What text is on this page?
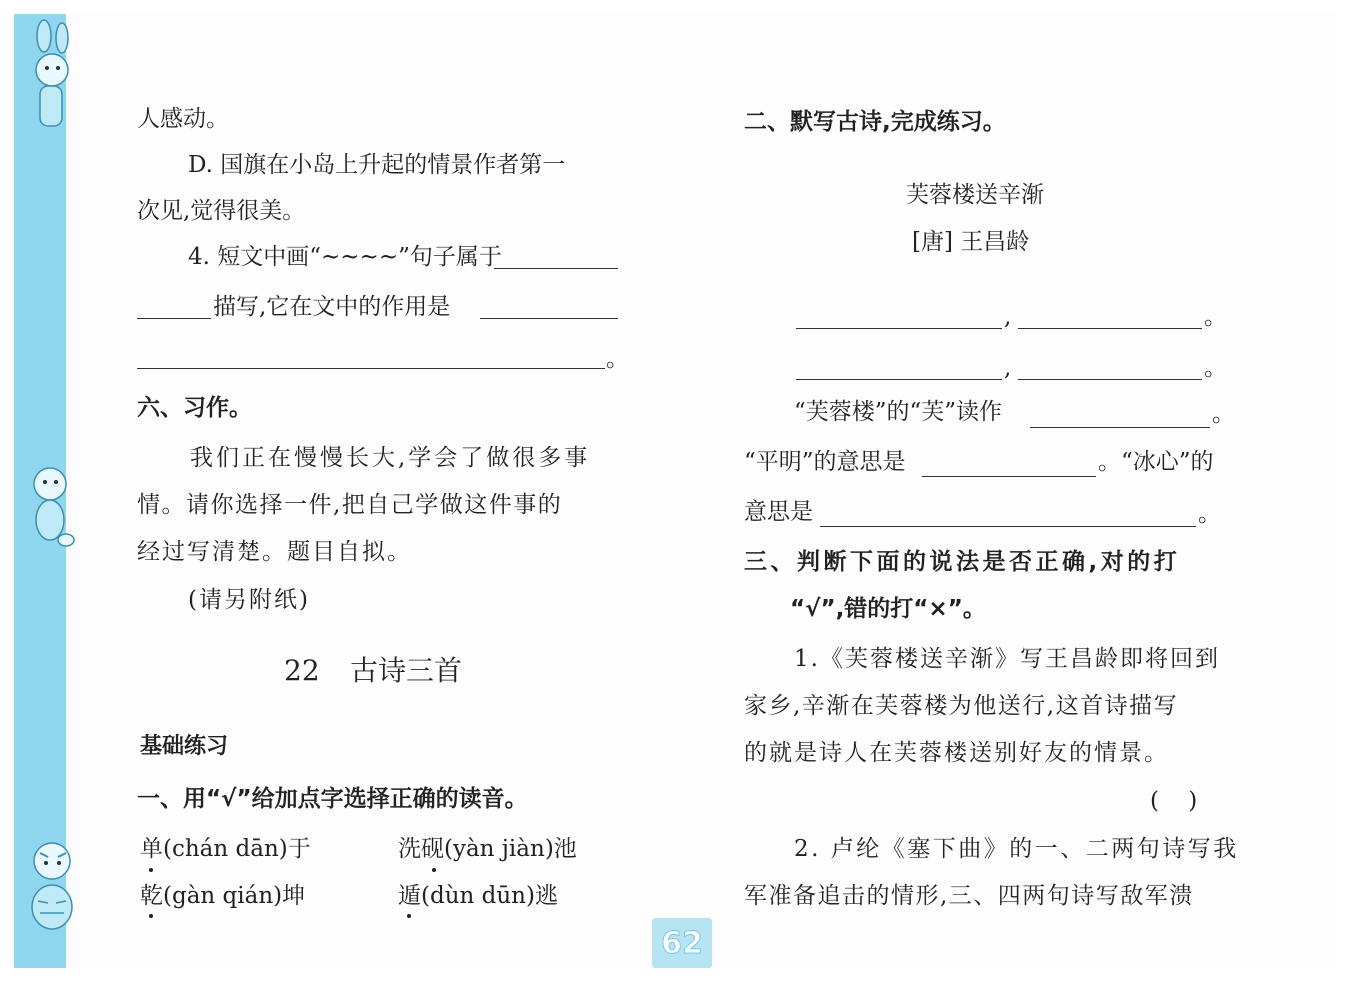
人感动。
D. 国旗在小岛上升起的情景作者第一
次见,觉得很美。
4. 短文中画“~~~~”句子属于
描写,它在文中的作用是
。
六、习作。
我们正在慢慢长大,学会了做很多事
情。请你选择一件,把自己学做这件事的
经过写清楚。题目自拟。
(请另附纸)
22 古诗三首
基础练习
一、用“√”给加点字选择正确的读音。
单(chán dān)于	洗砚(yàn jiàn)池
乾(gàn qián)坤	遁(dùn dūn)逃
二、默写古诗,完成练习。
芙蓉楼送辛渐
[唐] 王昌龄
,	。
,	。
“芙蓉楼”的“芙”读作	。
“平明”的意思是	。“冰心”的
意思是	。
三、判断下面的说法是否正确,对的打
“√”,错的打“×”。
1.《芙蓉楼送辛渐》写王昌龄即将回到
家乡,辛渐在芙蓉楼为他送行,这首诗描写
的就是诗人在芙蓉楼送别好友的情景。
(    )
2. 卢纶《塞下曲》的一、二两句诗写我
军准备追击的情形,三、四两句诗写敌军溃
62
